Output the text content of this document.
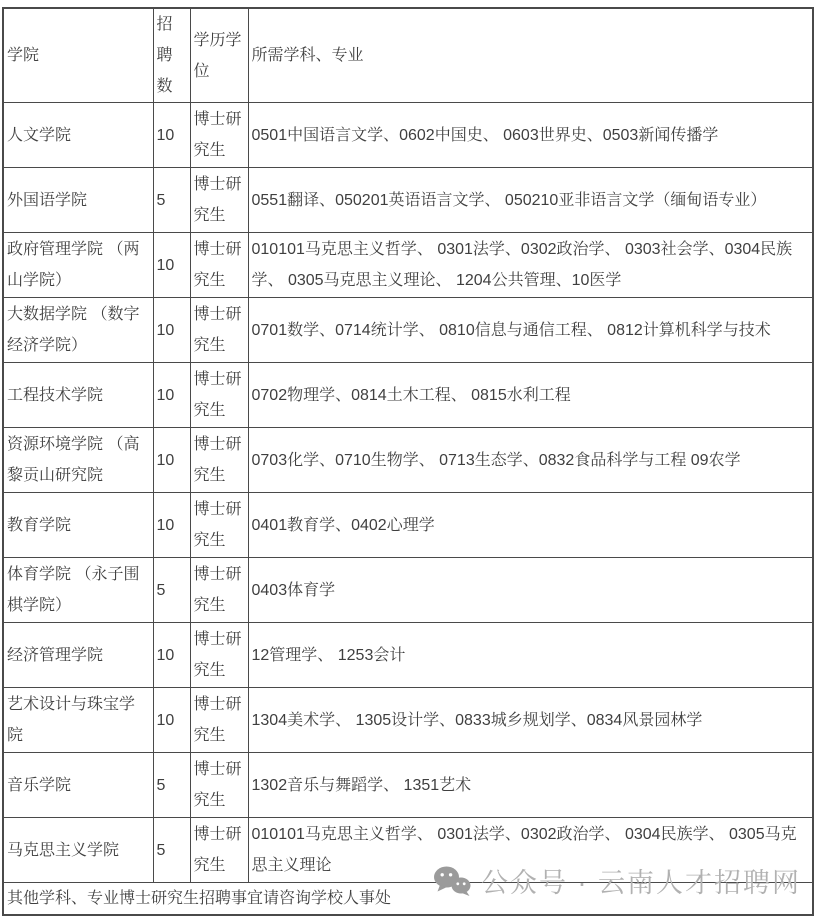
学院	招聘数	学历学位	所需学科、专业
人文学院	10	博士研究生	0501中国语言文学、0602中国史、 0603世界史、0503新闻传播学
外国语学院	5	博士研究生	0551翻译、050201英语语言文学、 050210亚非语言文学（缅甸语专业）
政府管理学院 （两山学院）	10	博士研究生	010101马克思主义哲学、 0301法学、0302政治学、 0303社会学、0304民族学、 0305马克思主义理论、 1204公共管理、10医学
大数据学院 （数字经济学院）	10	博士研究生	0701数学、0714统计学、 0810信息与通信工程、 0812计算机科学与技术
工程技术学院	10	博士研究生	0702物理学、0814土木工程、 0815水利工程
资源环境学院 （高黎贡山研究院	10	博士研究生	0703化学、0710生物学、 0713生态学、0832食品科学与工程 09农学
教育学院	10	博士研究生	0401教育学、0402心理学
体育学院 （永子围棋学院）	5	博士研究生	0403体育学
经济管理学院	10	博士研究生	12管理学、 1253会计
艺术设计与珠宝学院	10	博士研究生	1304美术学、 1305设计学、0833城乡规划学、0834风景园林学
音乐学院	5	博士研究生	1302音乐与舞蹈学、 1351艺术
马克思主义学院	5	博士研究生	010101马克思主义哲学、 0301法学、0302政治学、 0304民族学、 0305马克思主义理论
其他学科、专业博士研究生招聘事宜请咨询学校人事处			
公众号 · 云南人才招聘网
